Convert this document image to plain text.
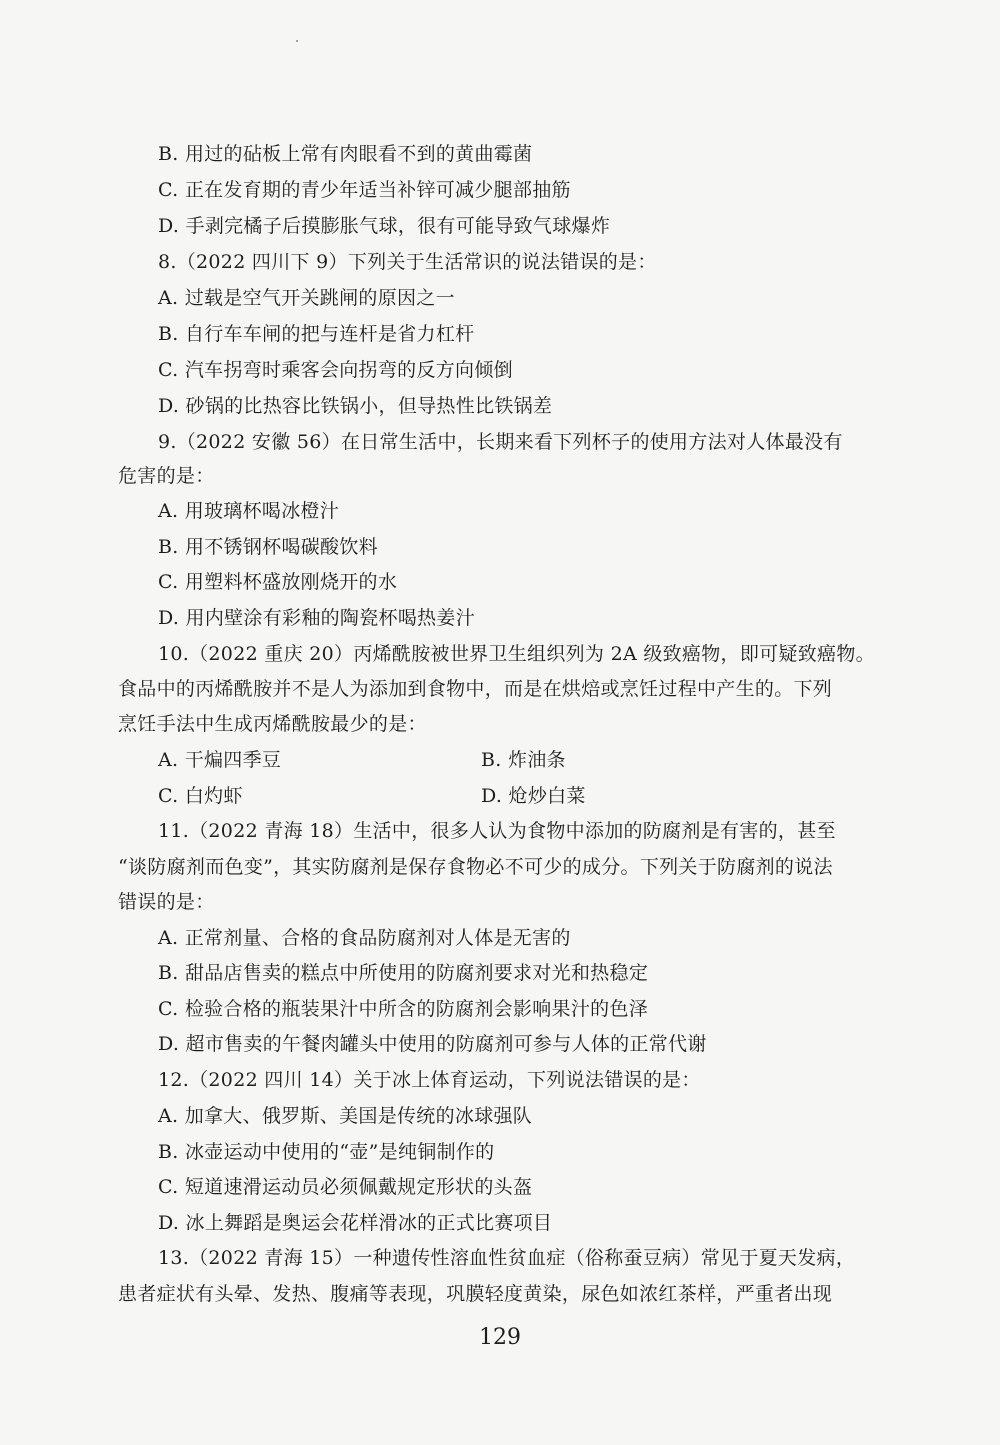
B. 用过的砧板上常有肉眼看不到的黄曲霉菌
C. 正在发育期的青少年适当补锌可减少腿部抽筋
D. 手剥完橘子后摸膨胀气球，很有可能导致气球爆炸
8.（2022 四川下 9）下列关于生活常识的说法错误的是：
A. 过载是空气开关跳闸的原因之一
B. 自行车车闸的把与连杆是省力杠杆
C. 汽车拐弯时乘客会向拐弯的反方向倾倒
D. 砂锅的比热容比铁锅小，但导热性比铁锅差
9.（2022 安徽 56）在日常生活中，长期来看下列杯子的使用方法对人体最没有
危害的是：
A. 用玻璃杯喝冰橙汁
B. 用不锈钢杯喝碳酸饮料
C. 用塑料杯盛放刚烧开的水
D. 用内壁涂有彩釉的陶瓷杯喝热姜汁
10.（2022 重庆 20）丙烯酰胺被世界卫生组织列为 2A 级致癌物，即可疑致癌物。
食品中的丙烯酰胺并不是人为添加到食物中，而是在烘焙或烹饪过程中产生的。下列
烹饪手法中生成丙烯酰胺最少的是：
A. 干煸四季豆	B. 炸油条
C. 白灼虾	D. 炝炒白菜
11.（2022 青海 18）生活中，很多人认为食物中添加的防腐剂是有害的，甚至
“谈防腐剂而色变”，其实防腐剂是保存食物必不可少的成分。下列关于防腐剂的说法
错误的是：
A. 正常剂量、合格的食品防腐剂对人体是无害的
B. 甜品店售卖的糕点中所使用的防腐剂要求对光和热稳定
C. 检验合格的瓶装果汁中所含的防腐剂会影响果汁的色泽
D. 超市售卖的午餐肉罐头中使用的防腐剂可参与人体的正常代谢
12.（2022 四川 14）关于冰上体育运动，下列说法错误的是：
A. 加拿大、俄罗斯、美国是传统的冰球强队
B. 冰壶运动中使用的“壶”是纯铜制作的
C. 短道速滑运动员必须佩戴规定形状的头盔
D. 冰上舞蹈是奥运会花样滑冰的正式比赛项目
13.（2022 青海 15）一种遗传性溶血性贫血症（俗称蚕豆病）常见于夏天发病，
患者症状有头晕、发热、腹痛等表现，巩膜轻度黄染，尿色如浓红茶样，严重者出现
129
